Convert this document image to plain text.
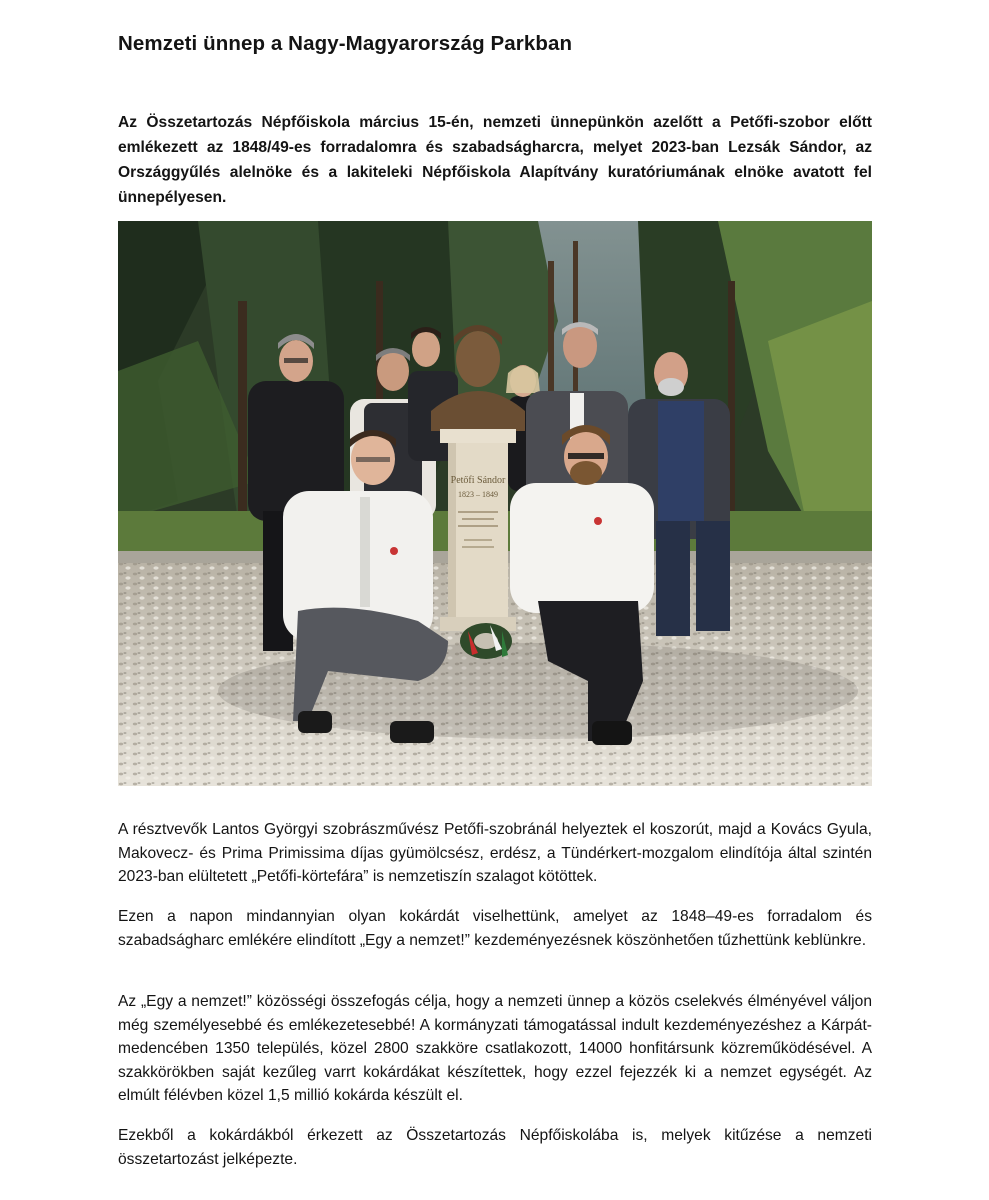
Nemzeti ünnep a Nagy-Magyarország Parkban

Az Összetartozás Népfőiskola március 15-én, nemzeti ünnepünkön azelőtt a Petőfi-szobor előtt emlékezett az 1848/49-es forradalomra és szabadságharcra, melyet 2023-ban Lezsák Sándor, az Országgyűlés alelnöke és a lakiteleki Népfőiskola Alapítvány kuratóriumának elnöke avatott fel ünnepélyesen.

Petőfi Sándor
1823 – 1849

A résztvevők Lantos Györgyi szobrászművész Petőfi-szobránál helyeztek el koszorút, majd a Kovács Gyula, Makovecz- és Prima Primissima díjas gyümölcsész, erdész, a Tündérkert-mozgalom elindítója által szintén 2023-ban elültetett „Petőfi-körtefára” is nemzetiszín szalagot kötöttek.

Ezen a napon mindannyian olyan kokárdát viselhettünk, amelyet az 1848–49-es forradalom és szabadságharc emlékére elindított „Egy a nemzet!” kezdeményezésnek köszönhetően tűzhettünk keblünkre.

Az „Egy a nemzet!” közösségi összefogás célja, hogy a nemzeti ünnep a közös cselekvés élményével váljon még személyesebbé és emlékezetesebbé! A kormányzati támogatással indult kezdeményezéshez a Kárpát-medencében 1350 település, közel 2800 szakköre csatlakozott, 14000 honfitársunk közreműködésével. A szakkörökben saját kezűleg varrt kokárdákat készítettek, hogy ezzel fejezzék ki a nemzet egységét. Az elmúlt félévben közel 1,5 millió kokárda készült el.

Ezekből a kokárdákból érkezett az Összetartozás Népfőiskolába is, melyek kitűzése a nemzeti összetartozást jelképezte.
